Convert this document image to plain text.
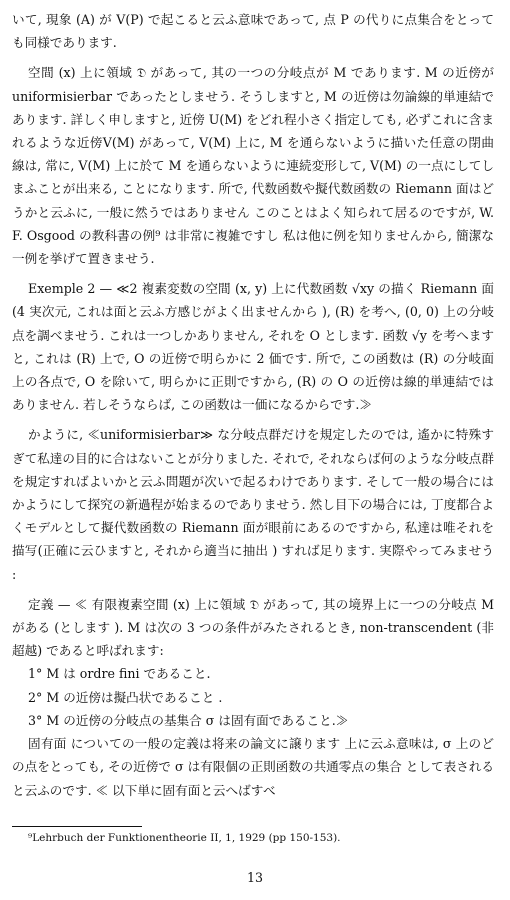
いて, 現象 (A) が V(P) で起こると云ふ意味であって, 点 P の代りに点集合をとっても同様であります.

空間 (x) 上に領域 𝔇 があって, 其の一つの分岐点が M であります. M の近傍が uniformisierbar であったとしませう. そうしますと, M の近傍は勿論線的単連結であります. 詳しく申しますと, 近傍 U(M) をどれ程小さく指定しても, 必ずこれに含まれるような近傍V(M) があって, V(M) 上に, M を通らないように描いた任意の閉曲線は, 常に, V(M) 上に於て M を通らないように連続変形して, V(M) の一点にしてしまふことが出来る, ことになります. 所で, 代数函数や擬代数函数の Riemann 面はどうかと云ふに, 一般に然うではありません このことはよく知られて居るのですが, W. F. Osgood の教科書の例⁹ は非常に複雑ですし 私は他に例を知りませんから, 簡潔な一例を挙げて置きませう.

Exemple 2 — ≪2 複素変数の空間 (x, y) 上に代数函数 √xy の描く Riemann 面 (4 実次元, これは面と云ふ方感じがよく出ませんから ), (R) を考へ, (0, 0) 上の分岐点を調べませう. これは一つしかありません, それを O とします. 函数 √y を考へますと, これは (R) 上で, O の近傍で明らかに 2 価です. 所で, この函数は (R) の分岐面上の各点で, O を除いて, 明らかに正則ですから, (R) の O の近傍は線的単連結ではありません. 若しそうならば, この函数は一価になるからです.≫

かように, ≪uniformisierbar≫ な分岐点群だけを規定したのでは, 遙かに特殊すぎて私達の目的に合はないことが分りました. それで, それならば何のような分岐点群を規定すればよいかと云ふ問題が次いで起るわけであります. そして一般の場合には かようにして探究の新過程が始まるのでありませう. 然し目下の場合には, 丁度都合よくモデルとして擬代数函数の Riemann 面が眼前にあるのですから, 私達は唯それを描写(正確に云ひますと, それから適当に抽出 ) すれば足ります. 実際やってみませう :

定義 — ≪ 有限複素空間 (x) 上に領域 𝔇 があって, 其の境界上に一つの分岐点 M がある (とします ). M は次の 3 つの条件がみたされるとき, non-transcendent (非超越) であると呼ばれます:

1° M は ordre fini であること.
2° M の近傍は擬凸状であること .
3° M の近傍の分岐点の基集合 σ は固有面であること.≫

固有面 についての一般の定義は将来の論文に譲ります 上に云ふ意味は, σ 上のどの点をとっても, その近傍で σ は有限個の正則函数の共通零点の集合 として表されると云ふのです. ≪ 以下単に固有面と云へばすべ

⁹Lehrbuch der Funktionentheorie II, 1, 1929 (pp 150-153).
13
